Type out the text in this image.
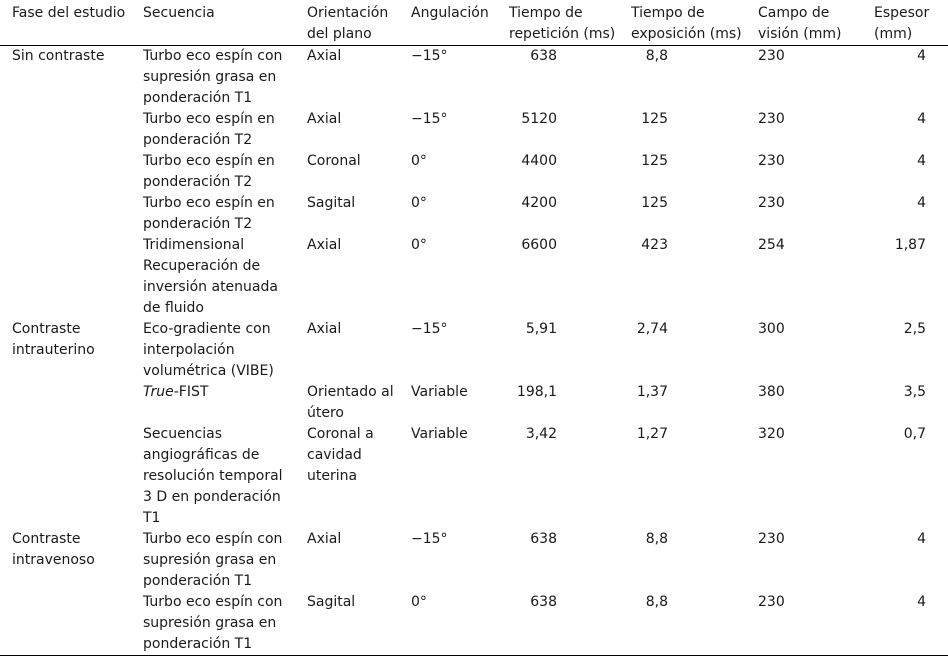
Fase del estudio	Secuencia	Orientación del plano	Angulación	Tiempo de repetición (ms)	Tiempo de exposición (ms)	Campo de visión (mm)	Espesor (mm)
Sin contraste	Turbo eco espín con supresión grasa en ponderación T1	Axial	−15°	638	8,8	230	4
	Turbo eco espín en ponderación T2	Axial	−15°	5120	125	230	4
	Turbo eco espín en ponderación T2	Coronal	0°	4400	125	230	4
	Turbo eco espín en ponderación T2	Sagital	0°	4200	125	230	4
	Tridimensional Recuperación de inversión atenuada de fluido	Axial	0°	6600	423	254	1,87
Contraste intrauterino	Eco-gradiente con interpolación volumétrica (VIBE)	Axial	−15°	5,91	2,74	300	2,5
	True-FIST	Orientado al útero	Variable	198,1	1,37	380	3,5
	Secuencias angiográficas de resolución temporal 3 D en ponderación T1	Coronal a cavidad uterina	Variable	3,42	1,27	320	0,7
Contraste intravenoso	Turbo eco espín con supresión grasa en ponderación T1	Axial	−15°	638	8,8	230	4
	Turbo eco espín con supresión grasa en ponderación T1	Sagital	0°	638	8,8	230	4
